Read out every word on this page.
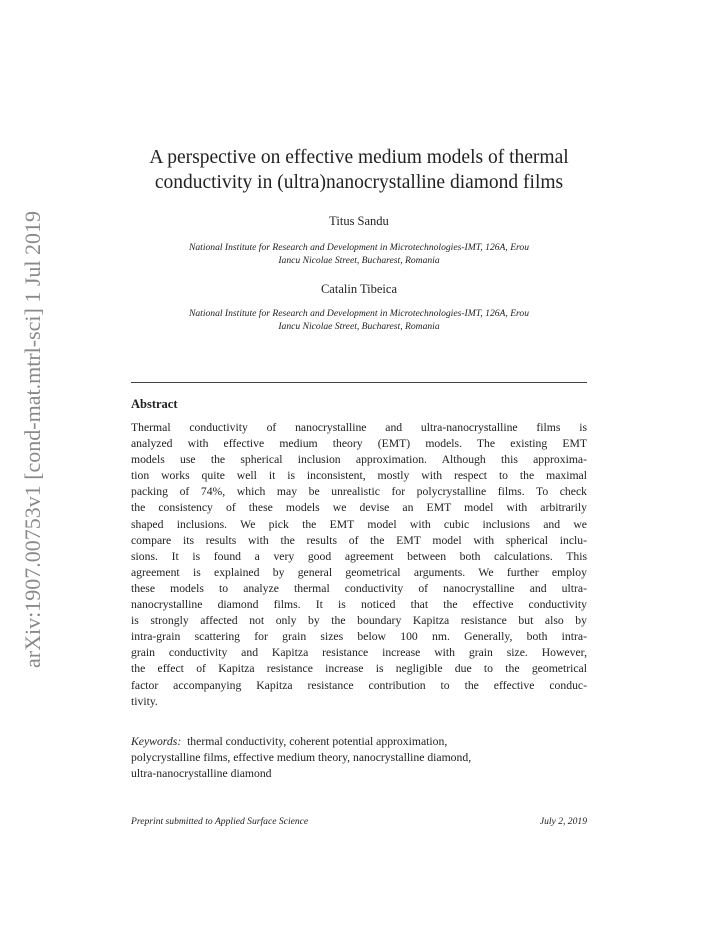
arXiv:1907.00753v1 [cond-mat.mtrl-sci] 1 Jul 2019
A perspective on effective medium models of thermal
conductivity in (ultra)nanocrystalline diamond films
Titus Sandu
National Institute for Research and Development in Microtechnologies-IMT, 126A, Erou
Iancu Nicolae Street, Bucharest, Romania
Catalin Tibeica
National Institute for Research and Development in Microtechnologies-IMT, 126A, Erou
Iancu Nicolae Street, Bucharest, Romania
Abstract
Thermal conductivity of nanocrystalline and ultra-nanocrystalline films is
analyzed with effective medium theory (EMT) models. The existing EMT
models use the spherical inclusion approximation. Although this approxima-
tion works quite well it is inconsistent, mostly with respect to the maximal
packing of 74%, which may be unrealistic for polycrystalline films. To check
the consistency of these models we devise an EMT model with arbitrarily
shaped inclusions. We pick the EMT model with cubic inclusions and we
compare its results with the results of the EMT model with spherical inclu-
sions. It is found a very good agreement between both calculations. This
agreement is explained by general geometrical arguments. We further employ
these models to analyze thermal conductivity of nanocrystalline and ultra-
nanocrystalline diamond films. It is noticed that the effective conductivity
is strongly affected not only by the boundary Kapitza resistance but also by
intra-grain scattering for grain sizes below 100 nm. Generally, both intra-
grain conductivity and Kapitza resistance increase with grain size. However,
the effect of Kapitza resistance increase is negligible due to the geometrical
factor accompanying Kapitza resistance contribution to the effective conduc-
tivity.
Keywords: thermal conductivity, coherent potential approximation,
polycrystalline films, effective medium theory, nanocrystalline diamond,
ultra-nanocrystalline diamond
Preprint submitted to Applied Surface Science	July 2, 2019
